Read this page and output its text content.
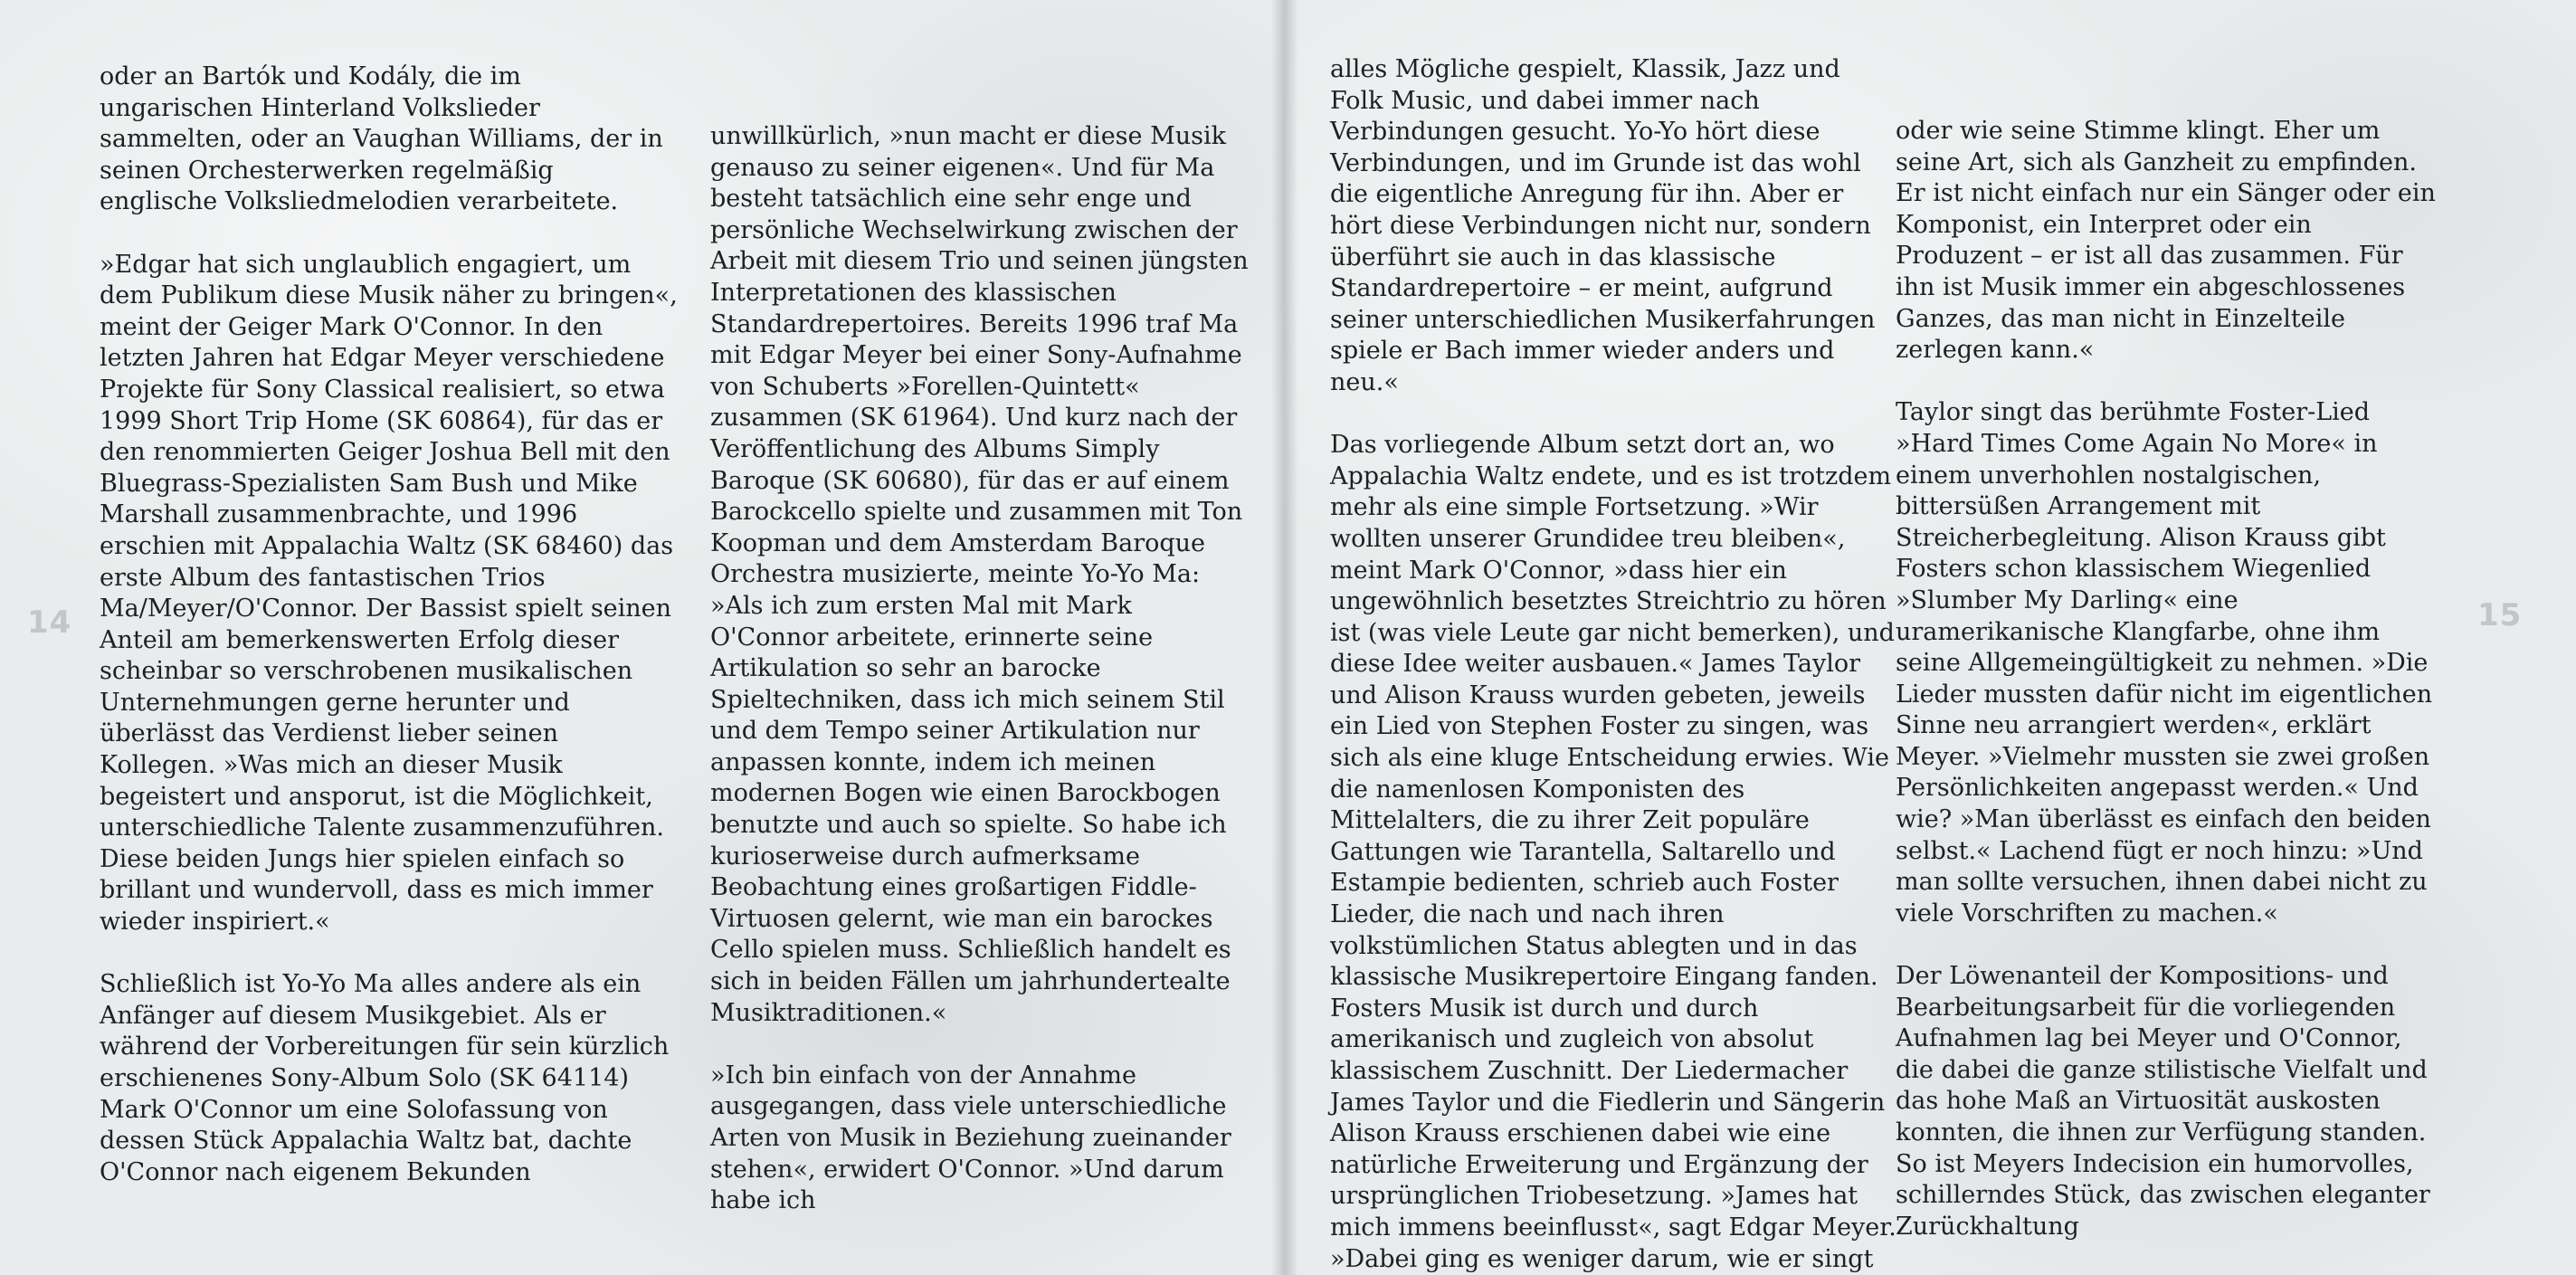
oder an Bartók und Kodály, die im ungarischen Hinterland Volkslieder sammelten, oder an Vaughan Williams, der in seinen Orchesterwerken regelmäßig englische Volksliedmelodien verarbeitete.

»Edgar hat sich unglaublich engagiert, um dem Publikum diese Musik näher zu bringen«, meint der Geiger Mark O'Connor. In den letzten Jahren hat Edgar Meyer verschiedene Projekte für Sony Classical realisiert, so etwa 1999 Short Trip Home (SK 60864), für das er den renommierten Geiger Joshua Bell mit den Bluegrass-Spezialisten Sam Bush und Mike Marshall zusammenbrachte, und 1996 erschien mit Appalachia Waltz (SK 68460) das erste Album des fantastischen Trios Ma/Meyer/O'Connor. Der Bassist spielt seinen Anteil am bemerkenswerten Erfolg dieser scheinbar so verschrobenen musikalischen Unternehmungen gerne herunter und überlässt das Verdienst lieber seinen Kollegen. »Was mich an dieser Musik begeistert und ansporut, ist die Möglichkeit, unterschiedliche Talente zusammenzuführen. Diese beiden Jungs hier spielen einfach so brillant und wundervoll, dass es mich immer wieder inspiriert.«

Schließlich ist Yo-Yo Ma alles andere als ein Anfänger auf diesem Musikgebiet. Als er während der Vorbereitungen für sein kürzlich erschienenes Sony-Album Solo (SK 64114) Mark O'Connor um eine Solofassung von dessen Stück Appalachia Waltz bat, dachte O'Connor nach eigenem Bekunden

unwillkürlich, »nun macht er diese Musik genauso zu seiner eigenen«. Und für Ma besteht tatsächlich eine sehr enge und persönliche Wechselwirkung zwischen der Arbeit mit diesem Trio und seinen jüngsten Interpretationen des klassischen Standardrepertoires. Bereits 1996 traf Ma mit Edgar Meyer bei einer Sony-Aufnahme von Schuberts »Forellen-Quintett« zusammen (SK 61964). Und kurz nach der Veröffentlichung des Albums Simply Baroque (SK 60680), für das er auf einem Barockcello spielte und zusammen mit Ton Koopman und dem Amsterdam Baroque Orchestra musizierte, meinte Yo-Yo Ma: »Als ich zum ersten Mal mit Mark O'Connor arbeitete, erinnerte seine Artikulation so sehr an barocke Spieltechniken, dass ich mich seinem Stil und dem Tempo seiner Artikulation nur anpassen konnte, indem ich meinen modernen Bogen wie einen Barockbogen benutzte und auch so spielte. So habe ich kurioserweise durch aufmerksame Beobachtung eines großartigen Fiddle-Virtuosen gelernt, wie man ein barockes Cello spielen muss. Schließlich handelt es sich in beiden Fällen um jahrhundertealte Musiktraditionen.«

»Ich bin einfach von der Annahme ausgegangen, dass viele unterschiedliche Arten von Musik in Beziehung zueinander stehen«, erwidert O'Connor. »Und darum habe ich

14

alles Mögliche gespielt, Klassik, Jazz und Folk Music, und dabei immer nach Verbindungen gesucht. Yo-Yo hört diese Verbindungen, und im Grunde ist das wohl die eigentliche Anregung für ihn. Aber er hört diese Verbindungen nicht nur, sondern überführt sie auch in das klassische Standardrepertoire – er meint, aufgrund seiner unterschiedlichen Musikerfahrungen spiele er Bach immer wieder anders und neu.«

Das vorliegende Album setzt dort an, wo Appalachia Waltz endete, und es ist trotzdem mehr als eine simple Fortsetzung. »Wir wollten unserer Grundidee treu bleiben«, meint Mark O'Connor, »dass hier ein ungewöhnlich besetztes Streichtrio zu hören ist (was viele Leute gar nicht bemerken), und diese Idee weiter ausbauen.« James Taylor und Alison Krauss wurden gebeten, jeweils ein Lied von Stephen Foster zu singen, was sich als eine kluge Entscheidung erwies. Wie die namenlosen Komponisten des Mittelalters, die zu ihrer Zeit populäre Gattungen wie Tarantella, Saltarello und Estampie bedienten, schrieb auch Foster Lieder, die nach und nach ihren volkstümlichen Status ablegten und in das klassische Musikrepertoire Eingang fanden. Fosters Musik ist durch und durch amerikanisch und zugleich von absolut klassischem Zuschnitt. Der Liedermacher James Taylor und die Fiedlerin und Sängerin Alison Krauss erschienen dabei wie eine natürliche Erweiterung und Ergänzung der ursprünglichen Triobesetzung. »James hat mich immens beeinflusst«, sagt Edgar Meyer. »Dabei ging es weniger darum, wie er singt

oder wie seine Stimme klingt. Eher um seine Art, sich als Ganzheit zu empfinden. Er ist nicht einfach nur ein Sänger oder ein Komponist, ein Interpret oder ein Produzent – er ist all das zusammen. Für ihn ist Musik immer ein abgeschlossenes Ganzes, das man nicht in Einzelteile zerlegen kann.«

Taylor singt das berühmte Foster-Lied »Hard Times Come Again No More« in einem unverhohlen nostalgischen, bittersüßen Arrangement mit Streicherbegleitung. Alison Krauss gibt Fosters schon klassischem Wiegenlied »Slumber My Darling« eine uramerikanische Klangfarbe, ohne ihm seine Allgemeingültigkeit zu nehmen. »Die Lieder mussten dafür nicht im eigentlichen Sinne neu arrangiert werden«, erklärt Meyer. »Vielmehr mussten sie zwei großen Persönlichkeiten angepasst werden.« Und wie? »Man überlässt es einfach den beiden selbst.« Lachend fügt er noch hinzu: »Und man sollte versuchen, ihnen dabei nicht zu viele Vorschriften zu machen.«

Der Löwenanteil der Kompositions- und Bearbeitungsarbeit für die vorliegenden Aufnahmen lag bei Meyer und O'Connor, die dabei die ganze stilistische Vielfalt und das hohe Maß an Virtuosität auskosten konnten, die ihnen zur Verfügung standen. So ist Meyers Indecision ein humorvolles, schillerndes Stück, das zwischen eleganter Zurückhaltung

15
